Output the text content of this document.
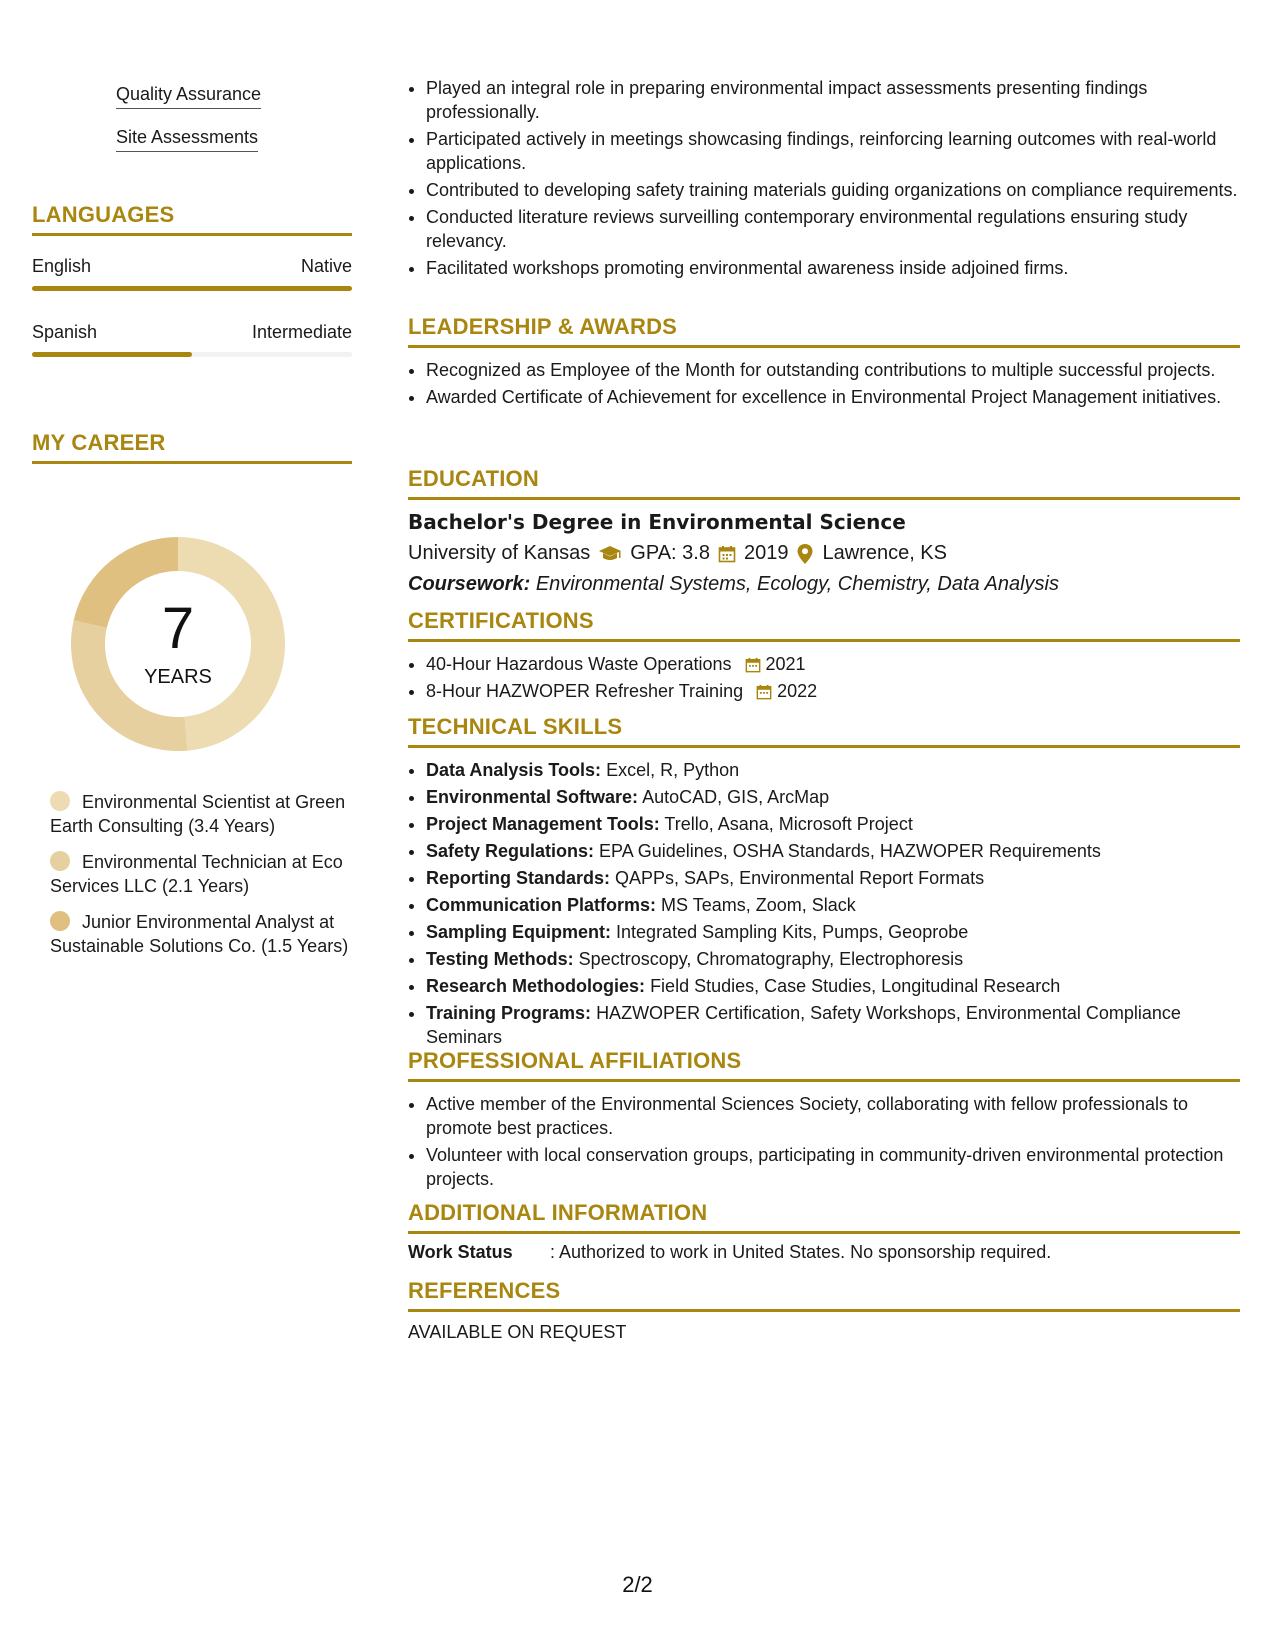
Quality Assurance
Site Assessments
LANGUAGES
English	Native
Spanish	Intermediate
MY CAREER
7
YEARS
Environmental Scientist at Green Earth Consulting (3.4 Years)
Environmental Technician at Eco Services LLC (2.1 Years)
Junior Environmental Analyst at Sustainable Solutions Co. (1.5 Years)
• Played an integral role in preparing environmental impact assessments presenting findings professionally.
• Participated actively in meetings showcasing findings, reinforcing learning outcomes with real-world applications.
• Contributed to developing safety training materials guiding organizations on compliance requirements.
• Conducted literature reviews surveilling contemporary environmental regulations ensuring study relevancy.
• Facilitated workshops promoting environmental awareness inside adjoined firms.
LEADERSHIP & AWARDS
• Recognized as Employee of the Month for outstanding contributions to multiple successful projects.
• Awarded Certificate of Achievement for excellence in Environmental Project Management initiatives.
EDUCATION
Bachelor's Degree in Environmental Science
University of Kansas GPA: 3.8 2019 Lawrence, KS
Coursework: Environmental Systems, Ecology, Chemistry, Data Analysis
CERTIFICATIONS
• 40-Hour Hazardous Waste Operations 2021
• 8-Hour HAZWOPER Refresher Training 2022
TECHNICAL SKILLS
• Data Analysis Tools: Excel, R, Python
• Environmental Software: AutoCAD, GIS, ArcMap
• Project Management Tools: Trello, Asana, Microsoft Project
• Safety Regulations: EPA Guidelines, OSHA Standards, HAZWOPER Requirements
• Reporting Standards: QAPPs, SAPs, Environmental Report Formats
• Communication Platforms: MS Teams, Zoom, Slack
• Sampling Equipment: Integrated Sampling Kits, Pumps, Geoprobe
• Testing Methods: Spectroscopy, Chromatography, Electrophoresis
• Research Methodologies: Field Studies, Case Studies, Longitudinal Research
• Training Programs: HAZWOPER Certification, Safety Workshops, Environmental Compliance Seminars
PROFESSIONAL AFFILIATIONS
• Active member of the Environmental Sciences Society, collaborating with fellow professionals to promote best practices.
• Volunteer with local conservation groups, participating in community-driven environmental protection projects.
ADDITIONAL INFORMATION
Work Status	: Authorized to work in United States. No sponsorship required.
REFERENCES
AVAILABLE ON REQUEST
2/2
